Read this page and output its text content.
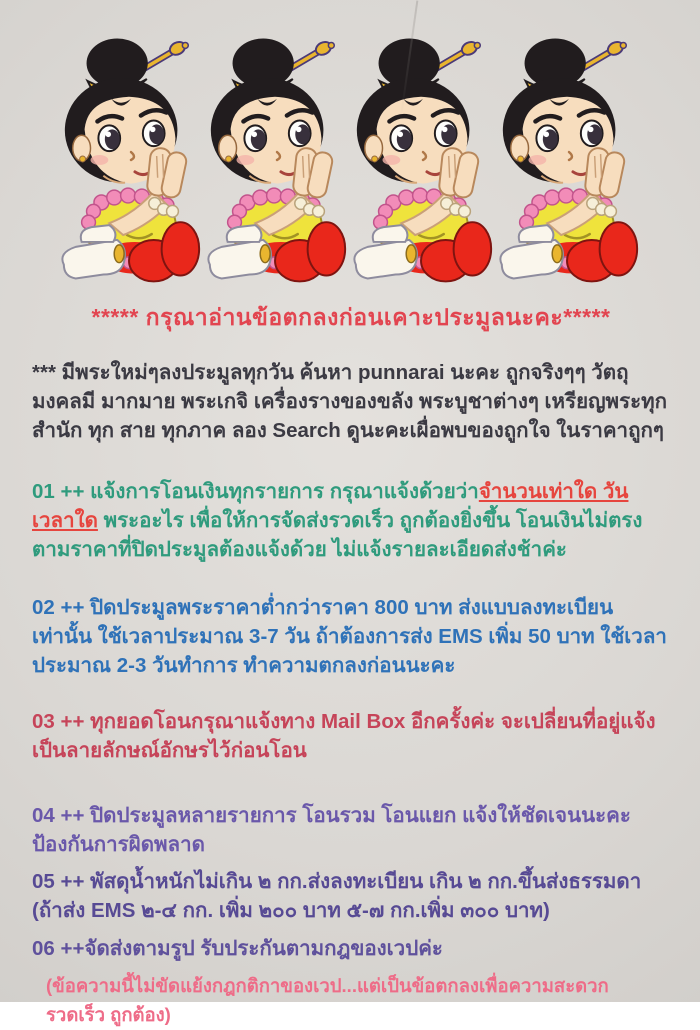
***** กรุณาอ่านข้อตกลงก่อนเคาะประมูลนะคะ*****
*** มีพระใหม่ๆลงประมูลทุกวัน ค้นหา punnarai นะคะ ถูกจริงๆๆ วัตถุมงคลมี มากมาย พระเกจิ เครื่องรางของขลัง พระบูชาต่างๆ เหรียญพระทุกสำนัก ทุก สาย ทุกภาค ลอง Search ดูนะคะเผื่อพบของถูกใจ ในราคาถูกๆ
01 ++ แจ้งการโอนเงินทุกรายการ กรุณาแจ้งด้วยว่าจำนวนเท่าใด วัน เวลาใด พระอะไร เพื่อให้การจัดส่งรวดเร็ว ถูกต้องยิ่งขึ้น โอนเงินไม่ตรงตามราคาที่ปิดประมูลต้องแจ้งด้วย ไม่แจ้งรายละเอียดส่งช้าค่ะ
02 ++ ปิดประมูลพระราคาต่ำกว่าราคา 800 บาท ส่งแบบลงทะเบียนเท่านั้น ใช้เวลาประมาณ 3-7 วัน ถ้าต้องการส่ง EMS เพิ่ม 50 บาท ใช้เวลาประมาณ 2-3 วันทำการ ทำความตกลงก่อนนะคะ
03 ++ ทุกยอดโอนกรุณาแจ้งทาง Mail Box อีกครั้งค่ะ จะเปลี่ยนที่อยู่แจ้งเป็นลายลักษณ์อักษรไว้ก่อนโอน
04 ++ ปิดประมูลหลายรายการ โอนรวม โอนแยก แจ้งให้ชัดเจนนะคะป้องกันการผิดพลาด
05 ++ พัสดุน้ำหนักไม่เกิน ๒ กก.ส่งลงทะเบียน เกิน ๒ กก.ขึ้นส่งธรรมดา (ถ้าส่ง EMS ๒-๔ กก. เพิ่ม ๒๐๐ บาท ๕-๗ กก.เพิ่ม ๓๐๐ บาท)
06 ++จัดส่งตามรูป รับประกันตามกฎของเวปค่ะ
(ข้อความนี้ไม่ขัดแย้งกฎกติกาของเวป...แต่เป็นข้อตกลงเพื่อความสะดวก รวดเร็ว ถูกต้อง)
